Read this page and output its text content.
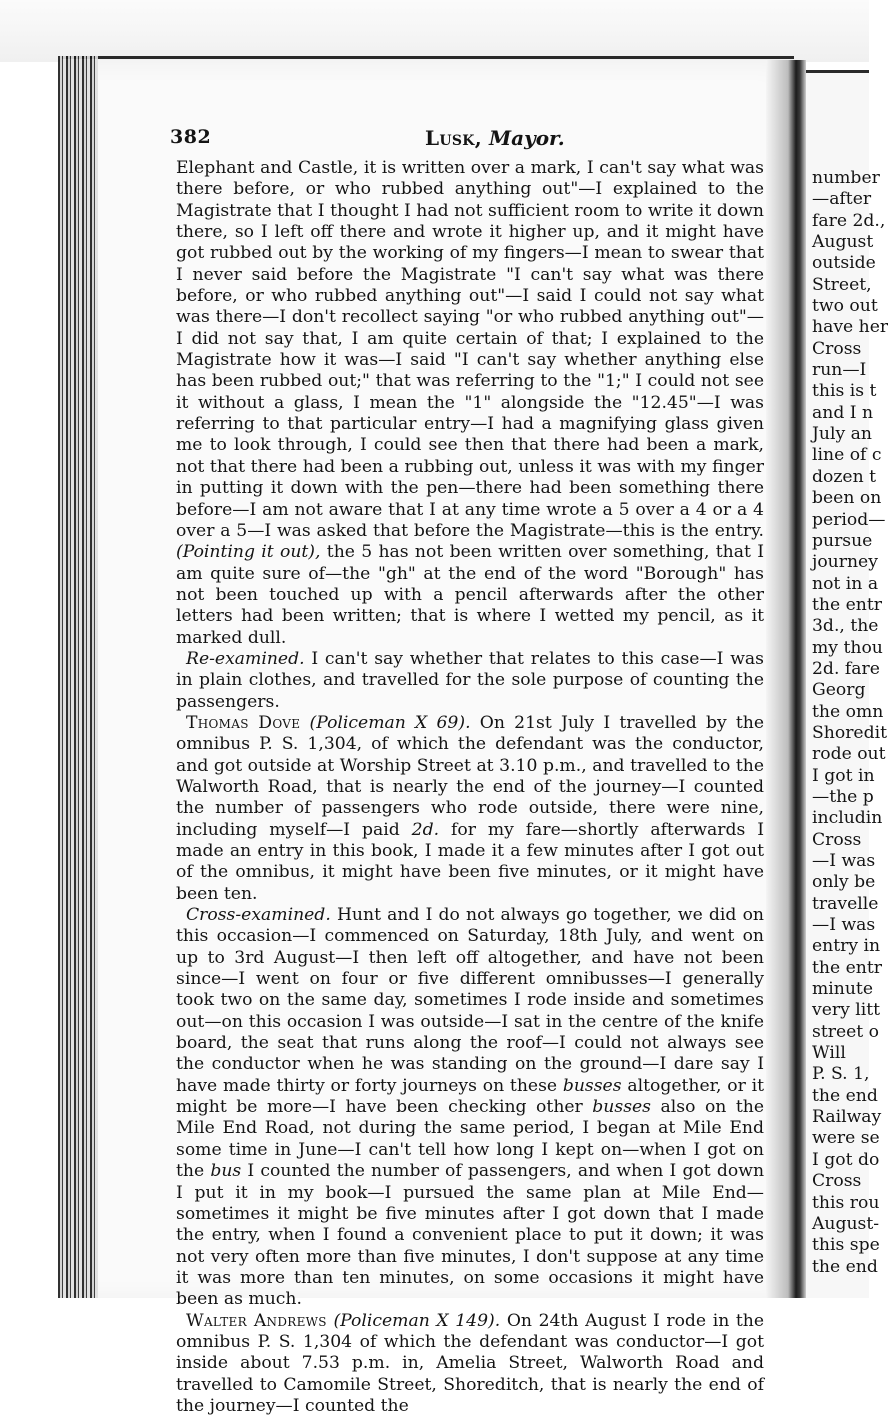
382	Lusk, Mayor.

Elephant and Castle, it is written over a mark, I can't say what was there before, or who rubbed anything out"—I explained to the Magistrate that I thought I had not sufficient room to write it down there, so I left off there and wrote it higher up, and it might have got rubbed out by the working of my fingers—I mean to swear that I never said before the Magistrate "I can't say what was there before, or who rubbed anything out"—I said I could not say what was there—I don't recollect saying "or who rubbed anything out"—I did not say that, I am quite certain of that; I explained to the Magistrate how it was—I said "I can't say whether anything else has been rubbed out;" that was referring to the "1;" I could not see it without a glass, I mean the "1" alongside the "12.45"—I was referring to that particular entry—I had a magnifying glass given me to look through, I could see then that there had been a mark, not that there had been a rubbing out, unless it was with my finger in putting it down with the pen—there had been something there before—I am not aware that I at any time wrote a 5 over a 4 or a 4 over a 5—I was asked that before the Magistrate—this is the entry. (Pointing it out), the 5 has not been written over something, that I am quite sure of—the "gh" at the end of the word "Borough" has not been touched up with a pencil afterwards after the other letters had been written; that is where I wetted my pencil, as it marked dull.

Re-examined. I can't say whether that relates to this case—I was in plain clothes, and travelled for the sole purpose of counting the passengers.

Thomas Dove (Policeman X 69). On 21st July I travelled by the omnibus P. S. 1,304, of which the defendant was the conductor, and got outside at Worship Street at 3.10 p.m., and travelled to the Walworth Road, that is nearly the end of the journey—I counted the number of passengers who rode outside, there were nine, including myself—I paid 2d. for my fare—shortly afterwards I made an entry in this book, I made it a few minutes after I got out of the omnibus, it might have been five minutes, or it might have been ten.

Cross-examined. Hunt and I do not always go together, we did on this occasion—I commenced on Saturday, 18th July, and went on up to 3rd August—I then left off altogether, and have not been since—I went on four or five different omnibusses—I generally took two on the same day, sometimes I rode inside and sometimes out—on this occasion I was outside—I sat in the centre of the knife board, the seat that runs along the roof—I could not always see the conductor when he was standing on the ground—I dare say I have made thirty or forty journeys on these busses altogether, or it might be more—I have been checking other busses also on the Mile End Road, not during the same period, I began at Mile End some time in June—I can't tell how long I kept on—when I got on the bus I counted the number of passengers, and when I got down I put it in my book—I pursued the same plan at Mile End—sometimes it might be five minutes after I got down that I made the entry, when I found a convenient place to put it down; it was not very often more than five minutes, I don't suppose at any time it was more than ten minutes, on some occasions it might have been as much.

Walter Andrews (Policeman X 149). On 24th August I rode in the omnibus P. S. 1,304 of which the defendant was conductor—I got inside about 7.53 p.m. in, Amelia Street, Walworth Road and travelled to Camomile Street, Shoreditch, that is nearly the end of the journey—I counted the

number
—after
fare 2d.,
August
outside
Street,
two out
have her
Cross
run—I
this is t
and I n
July an
line of c
dozen t
been on
period—
pursue
journey
not in a
the entr
3d., the
my thou
2d. fare
Georg
the omn
Shoredit
rode out
I got in
—the p
includin
Cross
—I was
only be
travelle
—I was
entry in
the entr
minute
very litt
street o
Will
P. S. 1,
the end
Railway
were se
I got do
Cross
this rou
August-
this spe
the end
